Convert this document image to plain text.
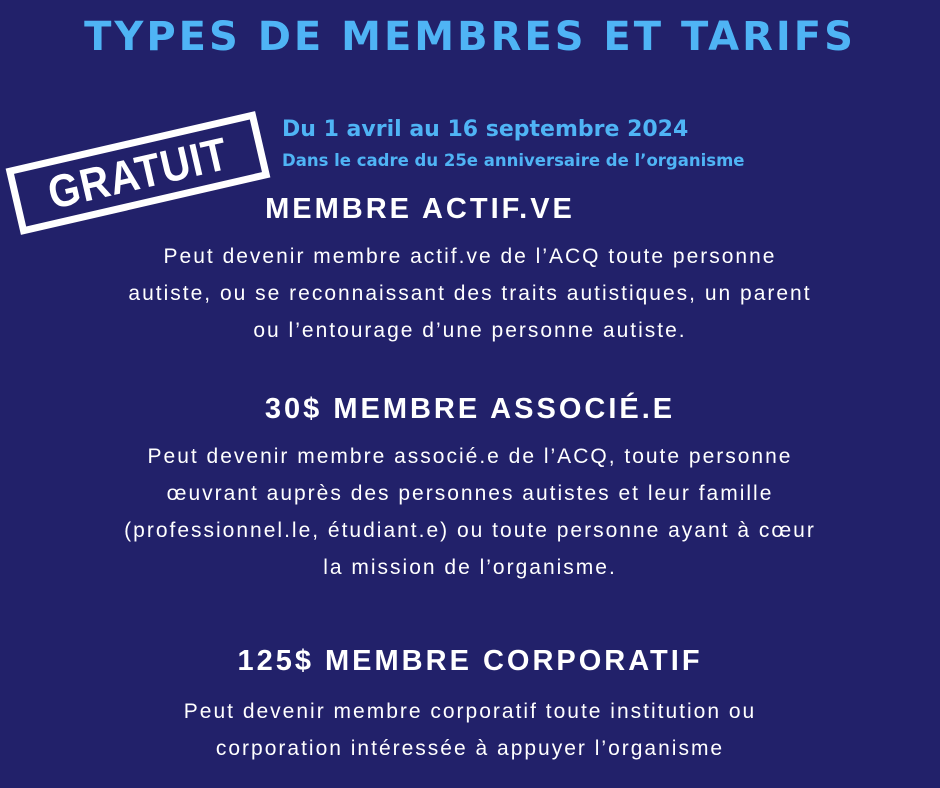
TYPES DE MEMBRES ET TARIFS
GRATUIT Du 1 avril au 16 septembre 2024
Dans le cadre du 25e anniversaire de l’organisme
MEMBRE ACTIF.VE
Peut devenir membre actif.ve de l’ACQ toute personne
autiste, ou se reconnaissant des traits autistiques, un parent
ou l’entourage d’une personne autiste.
30$ MEMBRE ASSOCIÉ.E
Peut devenir membre associé.e de l’ACQ, toute personne
œuvrant auprès des personnes autistes et leur famille
(professionnel.le, étudiant.e) ou toute personne ayant à cœur
la mission de l’organisme.
125$ MEMBRE CORPORATIF
Peut devenir membre corporatif toute institution ou
corporation intéressée à appuyer l’organisme
